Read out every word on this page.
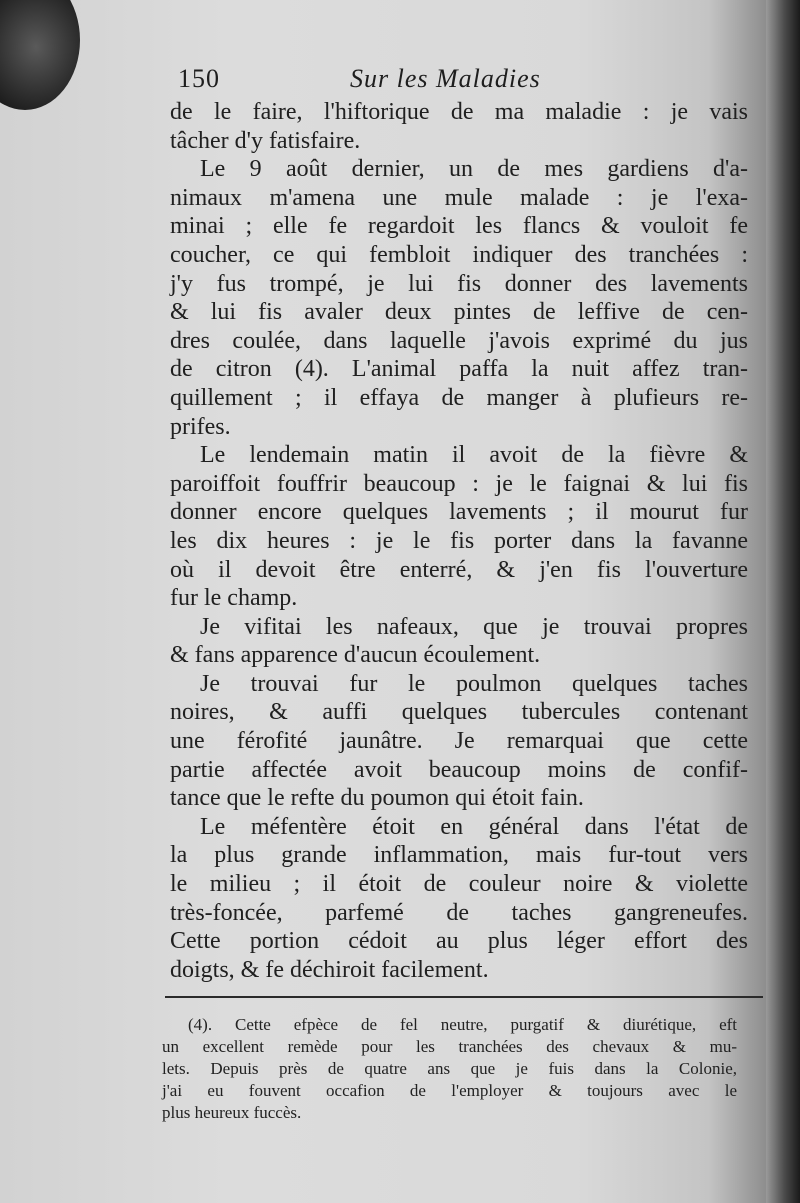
150	Sur les Maladies
de le faire, l'hiftorique de ma maladie : je vais
tâcher d'y fatisfaire.
Le 9 août dernier, un de mes gardiens d'a-
nimaux m'amena une mule malade : je l'exa-
minai ; elle fe regardoit les flancs & vouloit fe
coucher, ce qui fembloit indiquer des tranchées :
j'y fus trompé, je lui fis donner des lavements
& lui fis avaler deux pintes de leffive de cen-
dres coulée, dans laquelle j'avois exprimé du jus
de citron (4). L'animal paffa la nuit affez tran-
quillement ; il effaya de manger à plufieurs re-
prifes.
Le lendemain matin il avoit de la fièvre &
paroiffoit fouffrir beaucoup : je le faignai & lui fis
donner encore quelques lavements ; il mourut fur
les dix heures : je le fis porter dans la favanne
où il devoit être enterré, & j'en fis l'ouverture
fur le champ.
Je vifitai les nafeaux, que je trouvai propres
& fans apparence d'aucun écoulement.
Je trouvai fur le poulmon quelques taches
noires, & auffi quelques tubercules contenant
une férofité jaunâtre. Je remarquai que cette
partie affectée avoit beaucoup moins de confif-
tance que le refte du poumon qui étoit fain.
Le méfentère étoit en général dans l'état de
la plus grande inflammation, mais fur-tout vers
le milieu ; il étoit de couleur noire & violette
très-foncée, parfemé de taches gangreneufes.
Cette portion cédoit au plus léger effort des
doigts, & fe déchiroit facilement.
(4). Cette efpèce de fel neutre, purgatif & diurétique, eft
un excellent remède pour les tranchées des chevaux & mu-
lets. Depuis près de quatre ans que je fuis dans la Colonie,
j'ai eu fouvent occafion de l'employer & toujours avec le
plus heureux fuccès.
